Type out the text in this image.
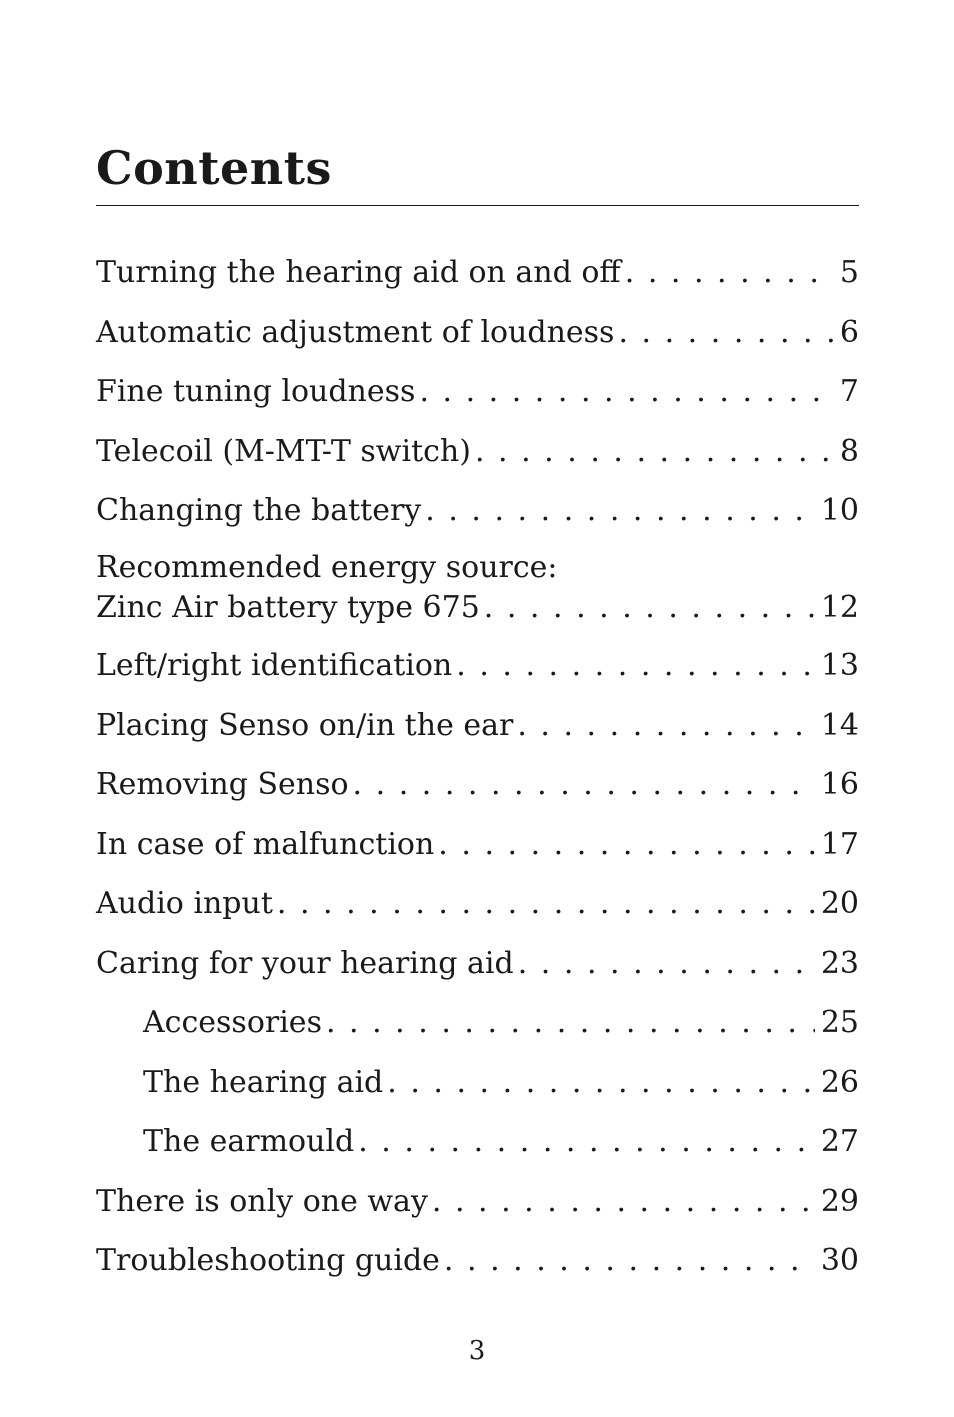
Contents
Turning the hearing aid on and off . . .	5
Automatic adjustment of loudness . . .	6
Fine tuning loudness . . .	7
Telecoil (M-MT-T switch) . . .	8
Changing the battery . . .	10
Recommended energy source:
Zinc Air battery type 675 . . .	12
Left/right identification . . .	13
Placing Senso on/in the ear . . .	14
Removing Senso . . .	16
In case of malfunction . . .	17
Audio input . . .	20
Caring for your hearing aid . . .	23
Accessories . . .	25
The hearing aid . . .	26
The earmould . . .	27
There is only one way . . .	29
Troubleshooting guide . . .	30
3
